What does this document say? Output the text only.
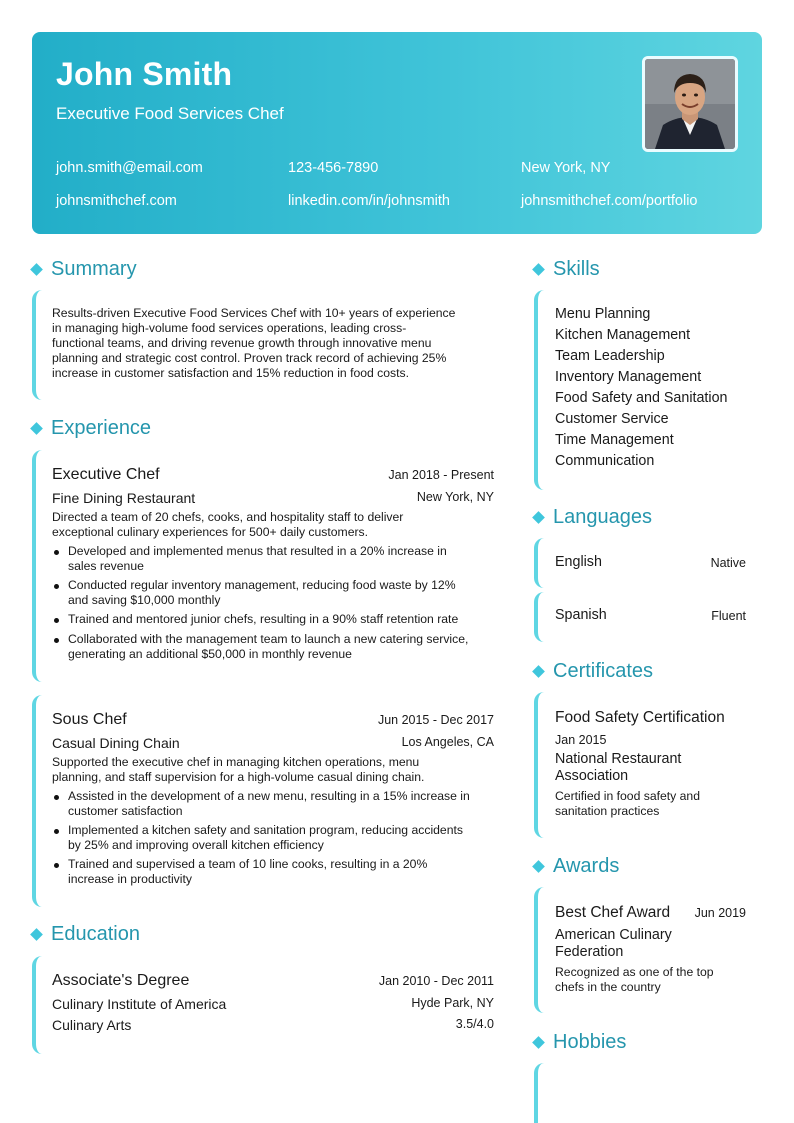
John Smith
Executive Food Services Chef
john.smith@email.com	123-456-7890	New York, NY
johnsmithchef.com	linkedin.com/in/johnsmith	johnsmithchef.com/portfolio
Summary
Results-driven Executive Food Services Chef with 10+ years of experience
in managing high-volume food services operations, leading cross-
functional teams, and driving revenue growth through innovative menu
planning and strategic cost control. Proven track record of achieving 25%
increase in customer satisfaction and 15% reduction in food costs.
Experience
Executive Chef	Jan 2018 - Present
Fine Dining Restaurant	New York, NY
Directed a team of 20 chefs, cooks, and hospitality staff to deliver
exceptional culinary experiences for 500+ daily customers.
Developed and implemented menus that resulted in a 20% increase in
sales revenue
Conducted regular inventory management, reducing food waste by 12%
and saving $10,000 monthly
Trained and mentored junior chefs, resulting in a 90% staff retention rate
Collaborated with the management team to launch a new catering service,
generating an additional $50,000 in monthly revenue
Sous Chef	Jun 2015 - Dec 2017
Casual Dining Chain	Los Angeles, CA
Supported the executive chef in managing kitchen operations, menu
planning, and staff supervision for a high-volume casual dining chain.
Assisted in the development of a new menu, resulting in a 15% increase in
customer satisfaction
Implemented a kitchen safety and sanitation program, reducing accidents
by 25% and improving overall kitchen efficiency
Trained and supervised a team of 10 line cooks, resulting in a 20%
increase in productivity
Education
Associate's Degree	Jan 2010 - Dec 2011
Culinary Institute of America	Hyde Park, NY
Culinary Arts	3.5/4.0
Skills
Menu Planning
Kitchen Management
Team Leadership
Inventory Management
Food Safety and Sanitation
Customer Service
Time Management
Communication
Languages
English	Native
Spanish	Fluent
Certificates
Food Safety Certification
Jan 2015
National Restaurant
Association
Certified in food safety and
sanitation practices
Awards
Best Chef Award Jun 2019
American Culinary
Federation
Recognized as one of the top
chefs in the country
Hobbies
